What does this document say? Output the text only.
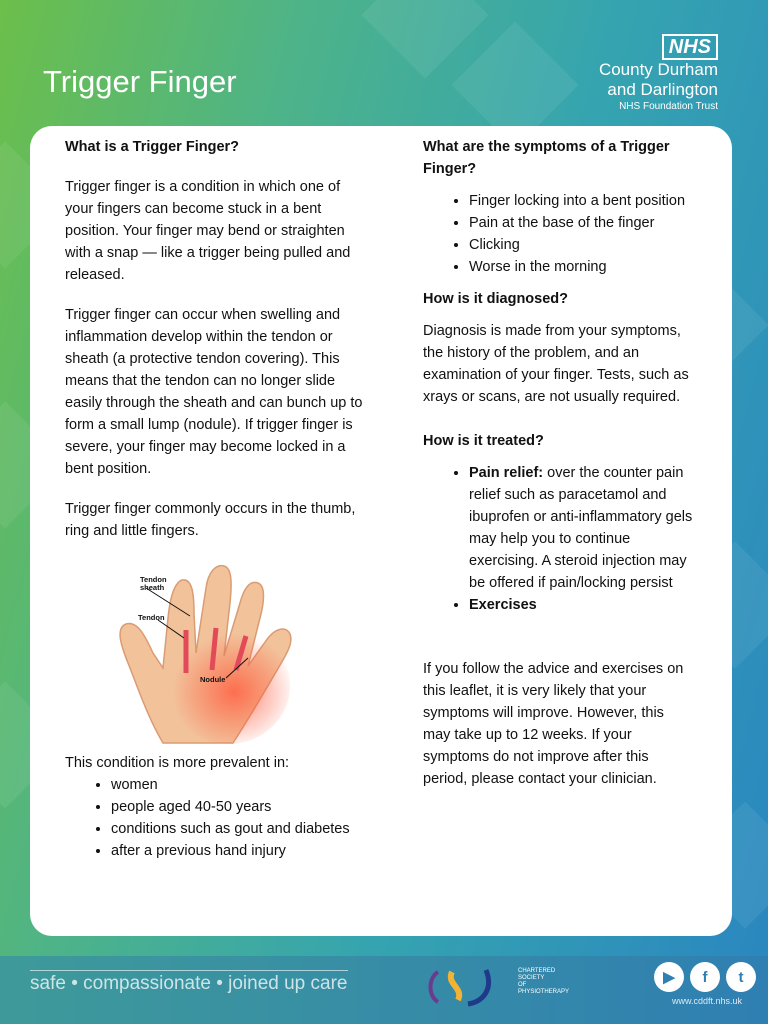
Trigger Finger
NHS
County Durham
and Darlington
NHS Foundation Trust
What is a Trigger Finger?

Trigger finger is a condition in which one of your fingers can become stuck in a bent position. Your finger may bend or straighten with a snap — like a trigger being pulled and released.

Trigger finger can occur when swelling and inflammation develop within the tendon or sheath (a protective tendon covering). This means that the tendon can no longer slide easily through the sheath and can bunch up to form a small lump (nodule). If trigger finger is severe, your finger may become locked in a bent position.

Trigger finger commonly occurs in the thumb, ring and little fingers.

Tendon
sheath
Tendon
Nodule

This condition is more prevalent in:

• women
• people aged 40-50 years
• conditions such as gout and diabetes
• after a previous hand injury
What are the symptoms of a Trigger Finger?
• Finger locking into a bent position
• Pain at the base of the finger
• Clicking
• Worse in the morning
How is it diagnosed?

Diagnosis is made from your symptoms, the history of the problem, and an examination of your finger. Tests, such as xrays or scans, are not usually required.

How is it treated?
• Pain relief: over the counter pain relief such as paracetamol and ibuprofen or anti-inflammatory gels may help you to continue exercising. A steroid injection may be offered if pain/locking persist
• Exercises

If you follow the advice and exercises on this leaflet, it is very likely that your symptoms will improve. However, this may take up to 12 weeks. If your symptoms do not improve after this period, please contact your clinician.

safe • compassionate • joined up care
CHARTERED
SOCIETY
OF
PHYSIOTHERAPY
▶	f	t
www.cddft.nhs.uk
